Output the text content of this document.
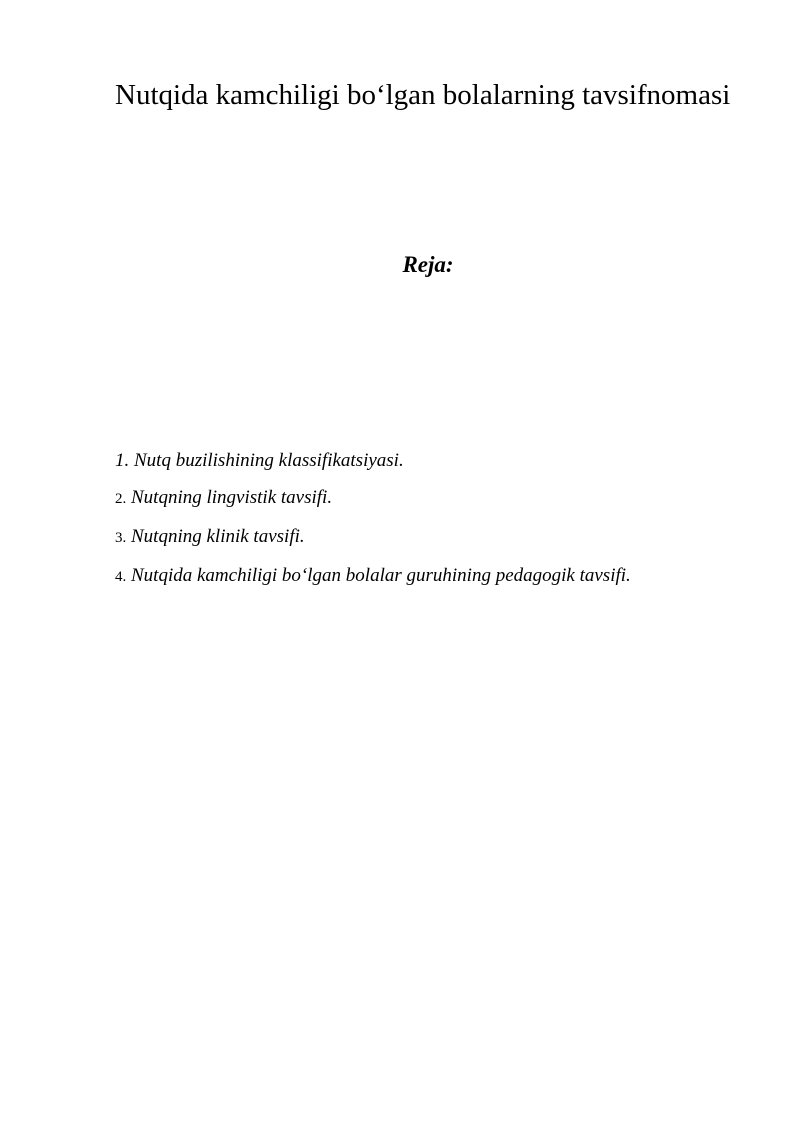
Nutqida kamchiligi bo‘lgan bolalarning tavsifnomasi
Reja:
1. Nutq buzilishining klassifikatsiyasi.
2. Nutqning lingvistik tavsifi.
3. Nutqning klinik tavsifi.
4. Nutqida kamchiligi bo‘lgan bolalar guruhining pedagogik tavsifi.
